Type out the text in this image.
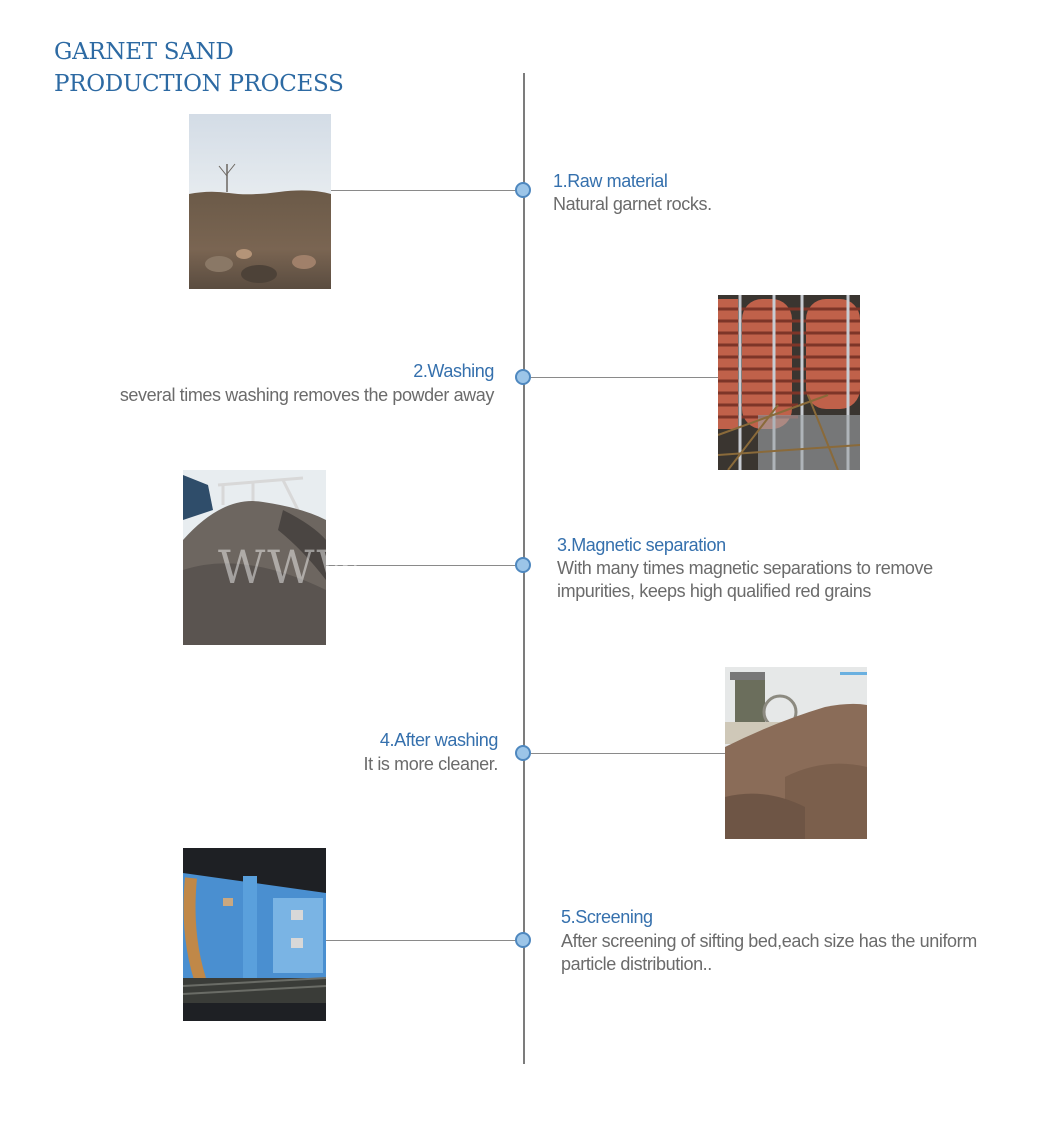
GARNET SAND
PRODUCTION PROCESS
1.Raw material
Natural garnet rocks.
2.Washing
several times washing removes the powder away
WWW	3.Magnetic separation
With many times magnetic separations to remove
impurities, keeps high qualified red grains
4.After washing
It is more cleaner.
5.Screening
After screening of sifting bed,each size has the uniform
particle distribution..
